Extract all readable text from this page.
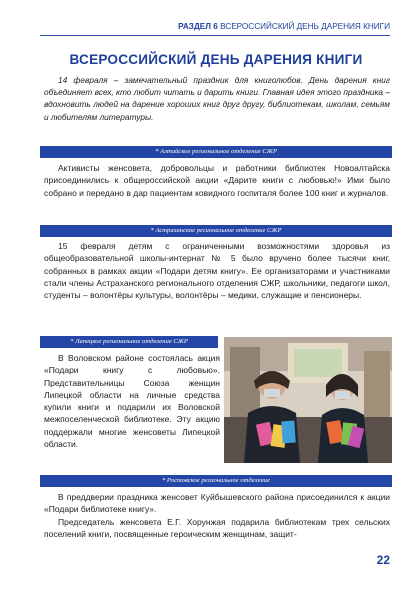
РАЗДЕЛ 6 ВСЕРОССИЙСКИЙ ДЕНЬ ДАРЕНИЯ КНИГИ
ВСЕРОССИЙСКИЙ ДЕНЬ ДАРЕНИЯ КНИГИ
14 февраля – замечательный праздник для книголюбов. День дарения книг объединяет всех, кто любит читать и дарить книги. Главная идея этого праздника – вдохновить людей на дарение хороших книг друг другу, библиотекам, школам, семьям и любителям литературы.
* Алтайское региональное отделение СЖР
Активисты женсовета, добровольцы и работники библиотек Новоалтайска присоединились к общероссийской акции «Дарите книги с любовью!» Ими было собрано и передано в дар пациентам ковидного госпиталя более 100 книг и журналов.
* Астраханское региональное отделение СЖР
15 февраля детям с ограниченными возможностями здоровья из общеобразовательной школы-интернат № 5 было вручено более тысячи книг, собранных в рамках акции «Подари детям книгу». Ее организаторами и участниками стали члены Астраханского регионального отделения СЖР, школьники, педагоги школ, студенты – волонтёры культуры, волонтёры – медики, служащие и пенсионеры.
* Липецкое региональное отделение СЖР
В Воловском районе состоялась акция «Подари книгу с любовью». Представительницы Союза женщин Липецкой области на личные средства купили книги и подарили их Воловской межпоселенческой библиотеке. Эту акцию поддержали многие женсоветы Липецкой области.
* Ростовское региональное отделение
В преддверии праздника женсовет Куйбышевского района присоединился к акции «Подари библиотеке книгу».
Председатель женсовета Е.Г. Хорунжая подарила библиотекам трех сельских поселений книги, посвященные героическим женщинам, защит-
22
